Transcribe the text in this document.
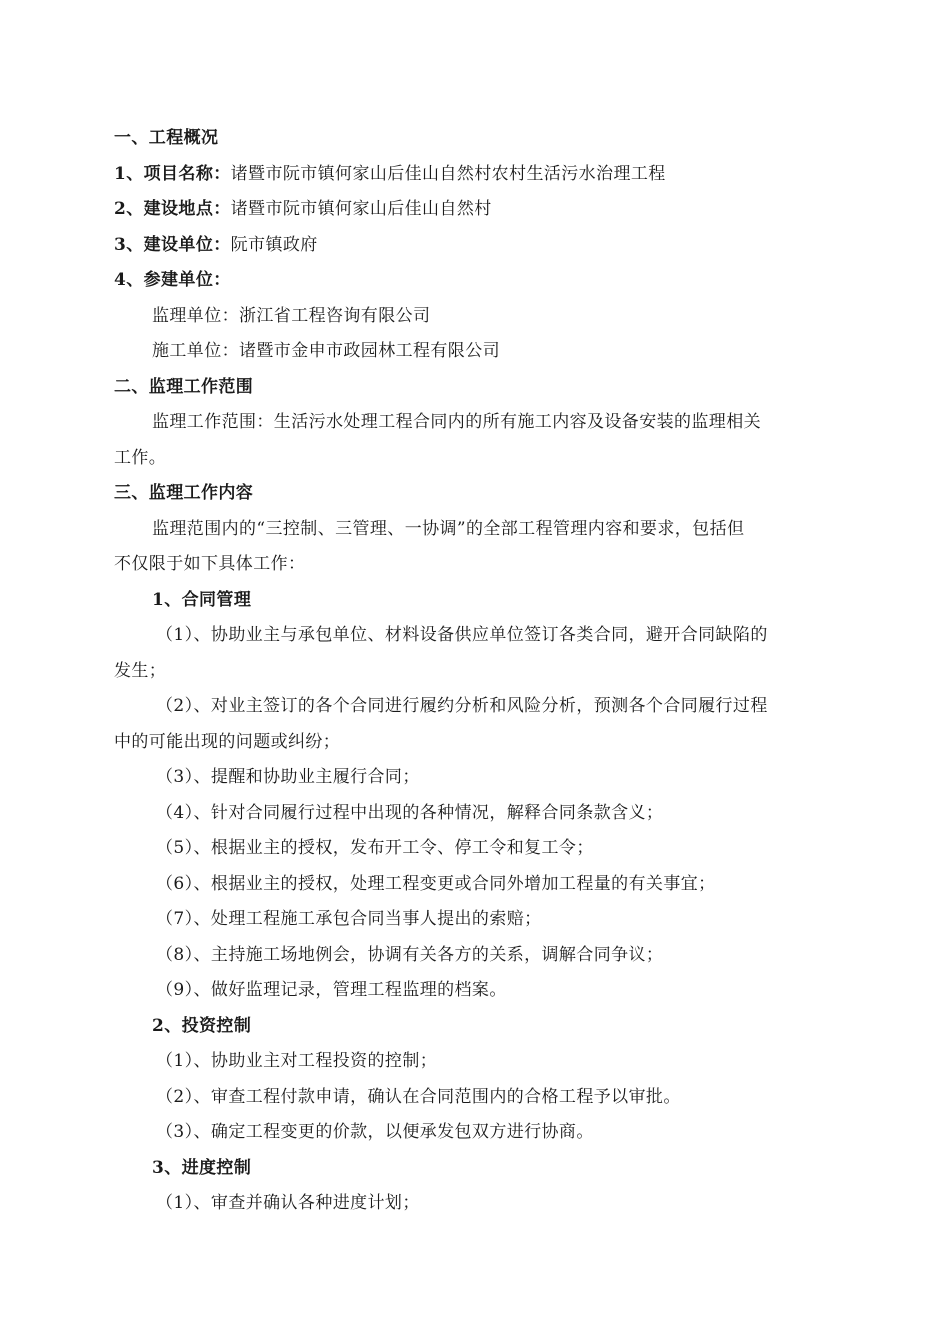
一、工程概况
1、项目名称：诸暨市阮市镇何家山后佳山自然村农村生活污水治理工程
2、建设地点：诸暨市阮市镇何家山后佳山自然村
3、建设单位：阮市镇政府
4、参建单位：
监理单位：浙江省工程咨询有限公司
施工单位：诸暨市金申市政园林工程有限公司
二、监理工作范围
监理工作范围：生活污水处理工程合同内的所有施工内容及设备安装的监理相关
工作。
三、监理工作内容
监理范围内的“三控制、三管理、一协调”的全部工程管理内容和要求，包括但
不仅限于如下具体工作：
1、合同管理
（1）、协助业主与承包单位、材料设备供应单位签订各类合同，避开合同缺陷的
发生；
（2）、对业主签订的各个合同进行履约分析和风险分析，预测各个合同履行过程
中的可能出现的问题或纠纷；
（3）、提醒和协助业主履行合同；
（4）、针对合同履行过程中出现的各种情况，解释合同条款含义；
（5）、根据业主的授权，发布开工令、停工令和复工令；
（6）、根据业主的授权，处理工程变更或合同外增加工程量的有关事宜；
（7）、处理工程施工承包合同当事人提出的索赔；
（8）、主持施工场地例会，协调有关各方的关系，调解合同争议；
（9）、做好监理记录，管理工程监理的档案。
2、投资控制
（1）、协助业主对工程投资的控制；
（2）、审查工程付款申请，确认在合同范围内的合格工程予以审批。
（3）、确定工程变更的价款，以便承发包双方进行协商。
3、进度控制
（1）、审查并确认各种进度计划；
